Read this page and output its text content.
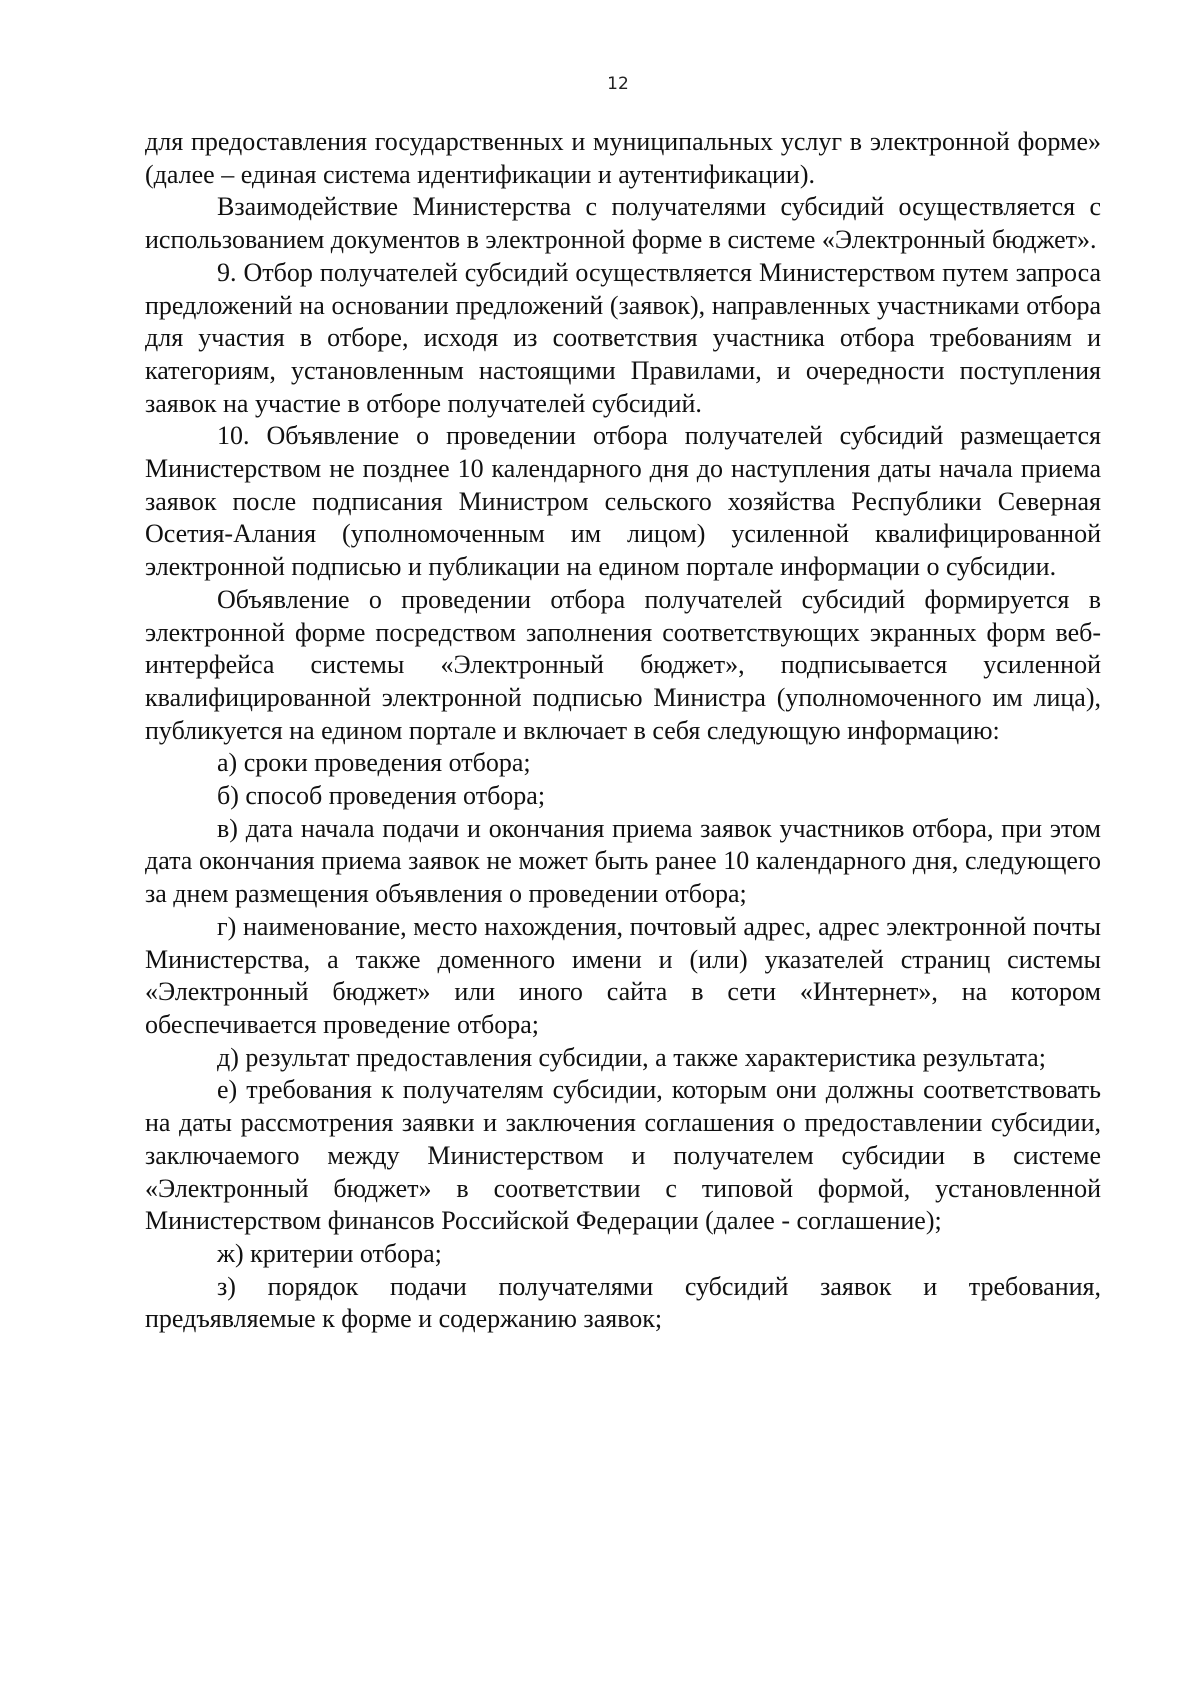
12

для предоставления государственных и муниципальных услуг в электронной форме» (далее – единая система идентификации и аутентификации).

Взаимодействие Министерства с получателями субсидий осуществляется с использованием документов в электронной форме в системе «Электронный бюджет».

9. Отбор получателей субсидий осуществляется Министерством путем запроса предложений на основании предложений (заявок), направленных участниками отбора для участия в отборе, исходя из соответствия участника отбора требованиям и категориям, установленным настоящими Правилами, и очередности поступления заявок на участие в отборе получателей субсидий.

10. Объявление о проведении отбора получателей субсидий размещается Министерством не позднее 10 календарного дня до наступления даты начала приема заявок после подписания Министром сельского хозяйства Республики Северная Осетия-Алания (уполномоченным им лицом) усиленной квалифицированной электронной подписью и публикации на едином портале информации о субсидии.

Объявление о проведении отбора получателей субсидий формируется в электронной форме посредством заполнения соответствующих экранных форм веб-интерфейса системы «Электронный бюджет», подписывается усиленной квалифицированной электронной подписью Министра (уполномоченного им лица), публикуется на едином портале и включает в себя следующую информацию:

а) сроки проведения отбора;

б) способ проведения отбора;

в) дата начала подачи и окончания приема заявок участников отбора, при этом дата окончания приема заявок не может быть ранее 10 календарного дня, следующего за днем размещения объявления о проведении отбора;

г) наименование, место нахождения, почтовый адрес, адрес электронной почты Министерства, а также доменного имени и (или) указателей страниц системы «Электронный бюджет» или иного сайта в сети «Интернет», на котором обеспечивается проведение отбора;

д) результат предоставления субсидии, а также характеристика результата;

е) требования к получателям субсидии, которым они должны соответствовать на даты рассмотрения заявки и заключения соглашения о предоставлении субсидии, заключаемого между Министерством и получателем субсидии в системе «Электронный бюджет» в соответствии с типовой формой, установленной Министерством финансов Российской Федерации (далее - соглашение);

ж) критерии отбора;

з) порядок подачи получателями субсидий заявок и требования, предъявляемые к форме и содержанию заявок;
